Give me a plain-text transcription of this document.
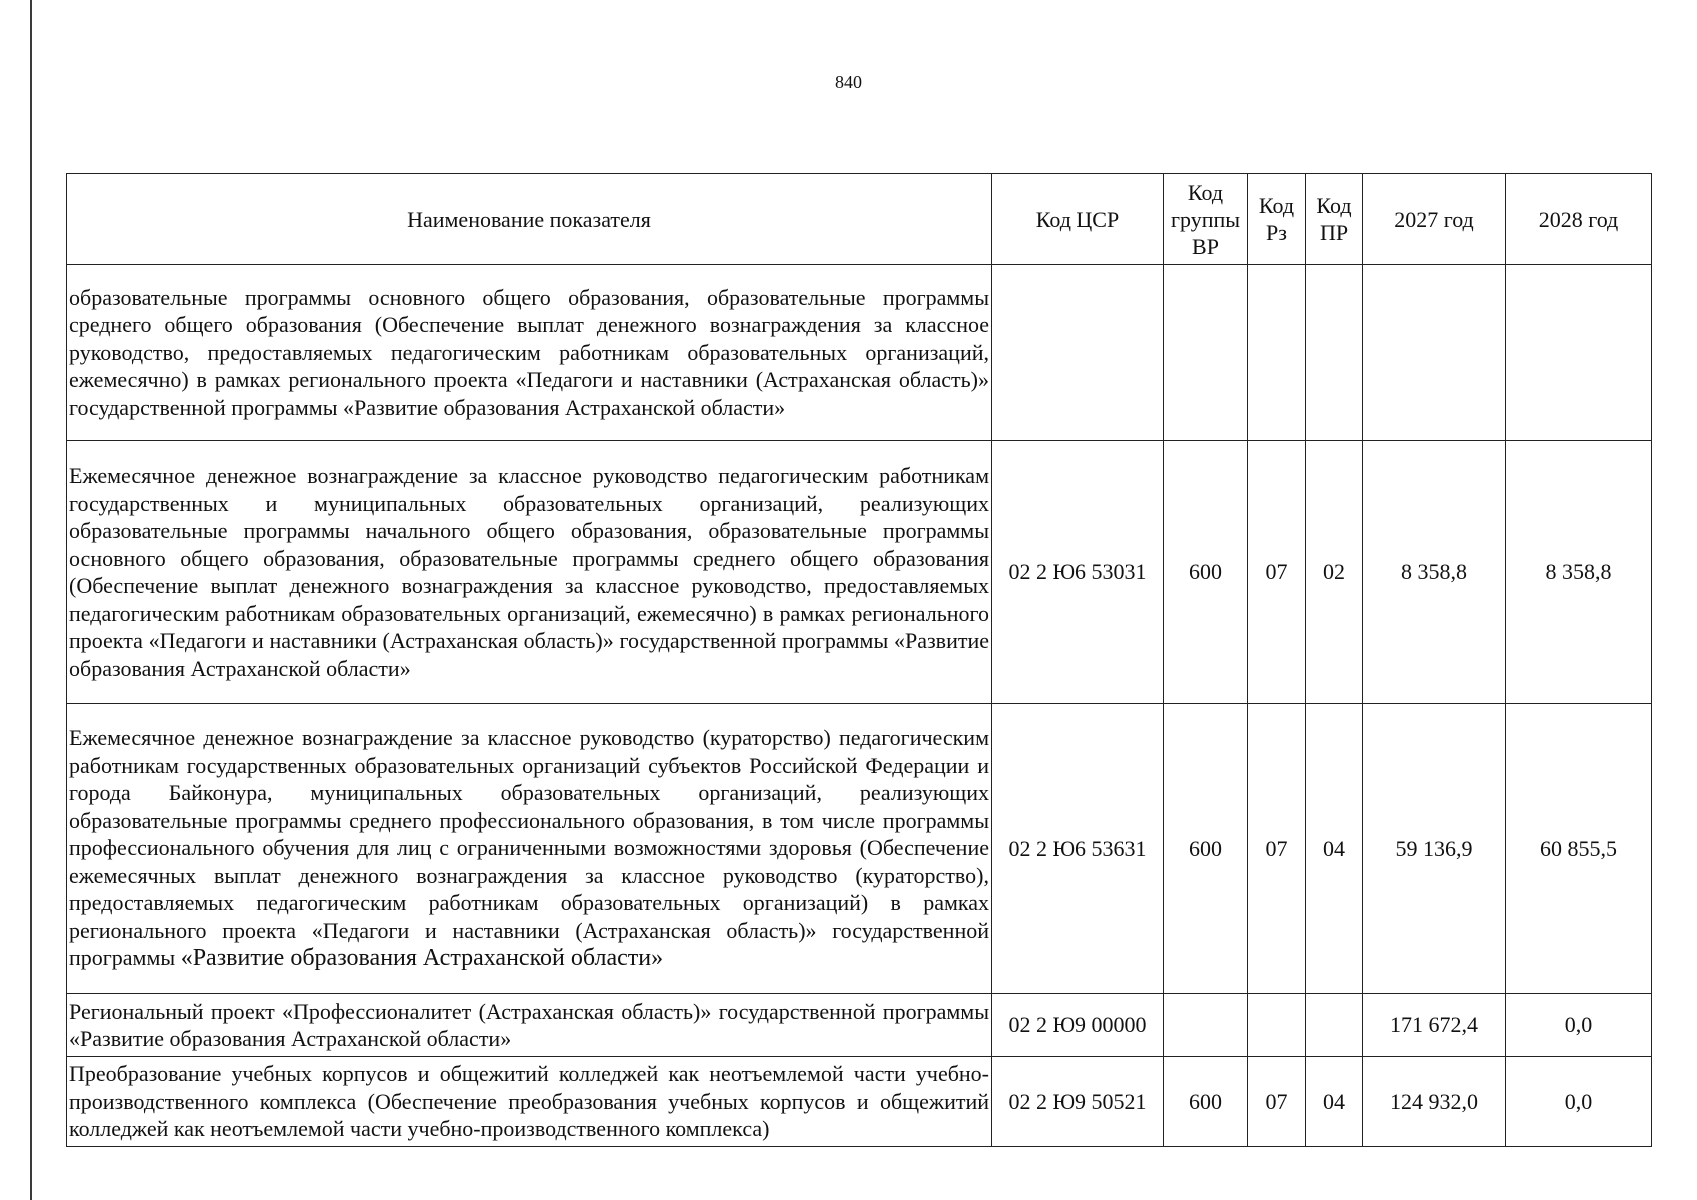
840
Наименование показателя	Код ЦСР	Код группы ВР	Код Рз	Код ПР	2027 год	2028 год
образовательные программы основного общего образования, образовательные программы среднего общего образования (Обеспечение выплат денежного вознаграждения за классное руководство, предоставляемых педагогическим работникам образовательных организаций, ежемесячно) в рамках регионального проекта «Педагоги и наставники (Астраханская область)» государственной программы «Развитие образования Астраханской области»						
Ежемесячное денежное вознаграждение за классное руководство педагогическим работникам государственных и муниципальных образовательных организаций, реализующих образовательные программы начального общего образования, образовательные программы основного общего образования, образовательные программы среднего общего образования (Обеспечение выплат денежного вознаграждения за классное руководство, предоставляемых педагогическим работникам образовательных организаций, ежемесячно) в рамках регионального проекта «Педагоги и наставники (Астраханская область)» государственной программы «Развитие образования Астраханской области»	02 2 Ю6 53031	600	07	02	8 358,8	8 358,8
Ежемесячное денежное вознаграждение за классное руководство (кураторство) педагогическим работникам государственных образовательных организаций субъектов Российской Федерации и города Байконура, муниципальных образовательных организаций, реализующих образовательные программы среднего профессионального образования, в том числе программы профессионального обучения для лиц с ограниченными возможностями здоровья (Обеспечение ежемесячных выплат денежного вознаграждения за классное руководство (кураторство), предоставляемых педагогическим работникам образовательных организаций) в рамках регионального проекта «Педагоги и наставники (Астраханская область)» государственной программы «Развитие образования Астраханской области»	02 2 Ю6 53631	600	07	04	59 136,9	60 855,5
Региональный проект «Профессионалитет (Астраханская область)» государственной программы «Развитие образования Астраханской области»	02 2 Ю9 00000				171 672,4	0,0
Преобразование учебных корпусов и общежитий колледжей как неотъемлемой части учебно-производственного комплекса (Обеспечение преобразования учебных корпусов и общежитий колледжей как неотъемлемой части учебно-производственного комплекса)	02 2 Ю9 50521	600	07	04	124 932,0	0,0
